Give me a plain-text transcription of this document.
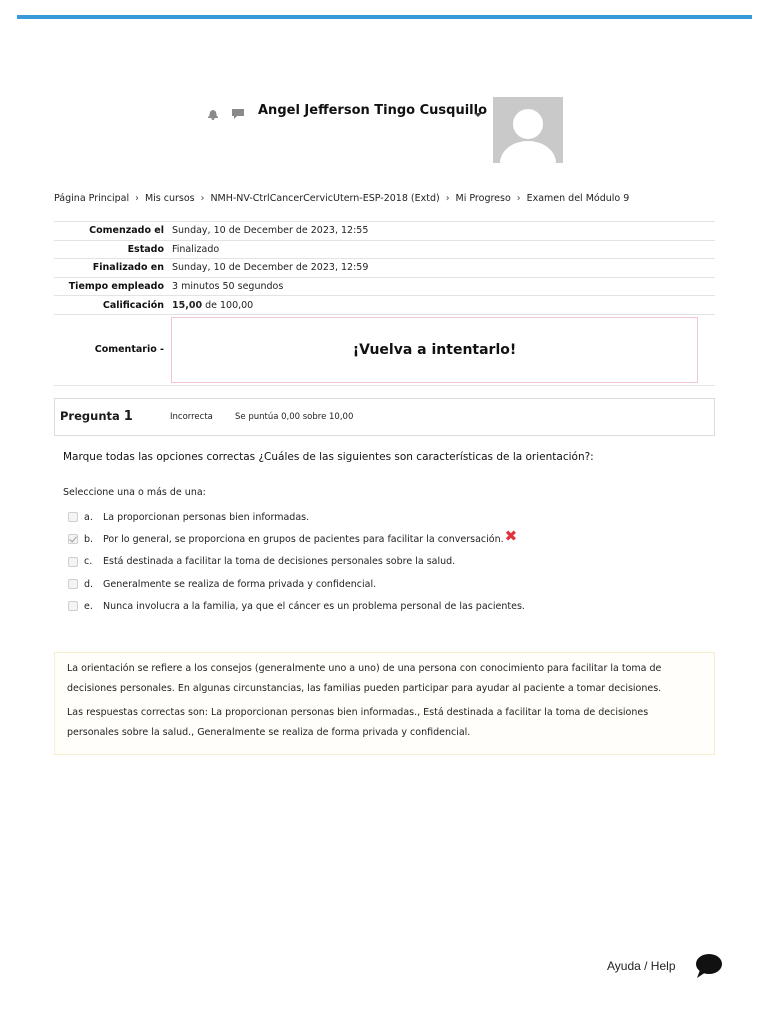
Angel Jefferson Tingo Cusquillo
Página Principal › Mis cursos › NMH-NV-CtrlCancerCervicUtern-ESP-2018 (Extd) › Mi Progreso › Examen del Módulo 9
Comenzado el Sunday, 10 de December de 2023, 12:55
Estado Finalizado
Finalizado en Sunday, 10 de December de 2023, 12:59
Tiempo empleado 3 minutos 50 segundos
Calificación 15,00 de 100,00
Comentario -	¡Vuelva a intentarlo!
Pregunta 1	Incorrecta	Se puntúa 0,00 sobre 10,00
Marque todas las opciones correctas ¿Cuáles de las siguientes son características de la orientación?:
Seleccione una o más de una:
a.	La proporcionan personas bien informadas.
b.	Por lo general, se proporciona en grupos de pacientes para facilitar la conversación. ✖
c.	Está destinada a facilitar la toma de decisiones personales sobre la salud.
d.	Generalmente se realiza de forma privada y confidencial.
e.	Nunca involucra a la familia, ya que el cáncer es un problema personal de las pacientes.

La orientación se refiere a los consejos (generalmente uno a uno) de una persona con conocimiento para facilitar la toma de decisiones personales. En algunas circunstancias, las familias pueden participar para ayudar al paciente a tomar decisiones.

Las respuestas correctas son: La proporcionan personas bien informadas., Está destinada a facilitar la toma de decisiones personales sobre la salud., Generalmente se realiza de forma privada y confidencial.

Ayuda / Help
